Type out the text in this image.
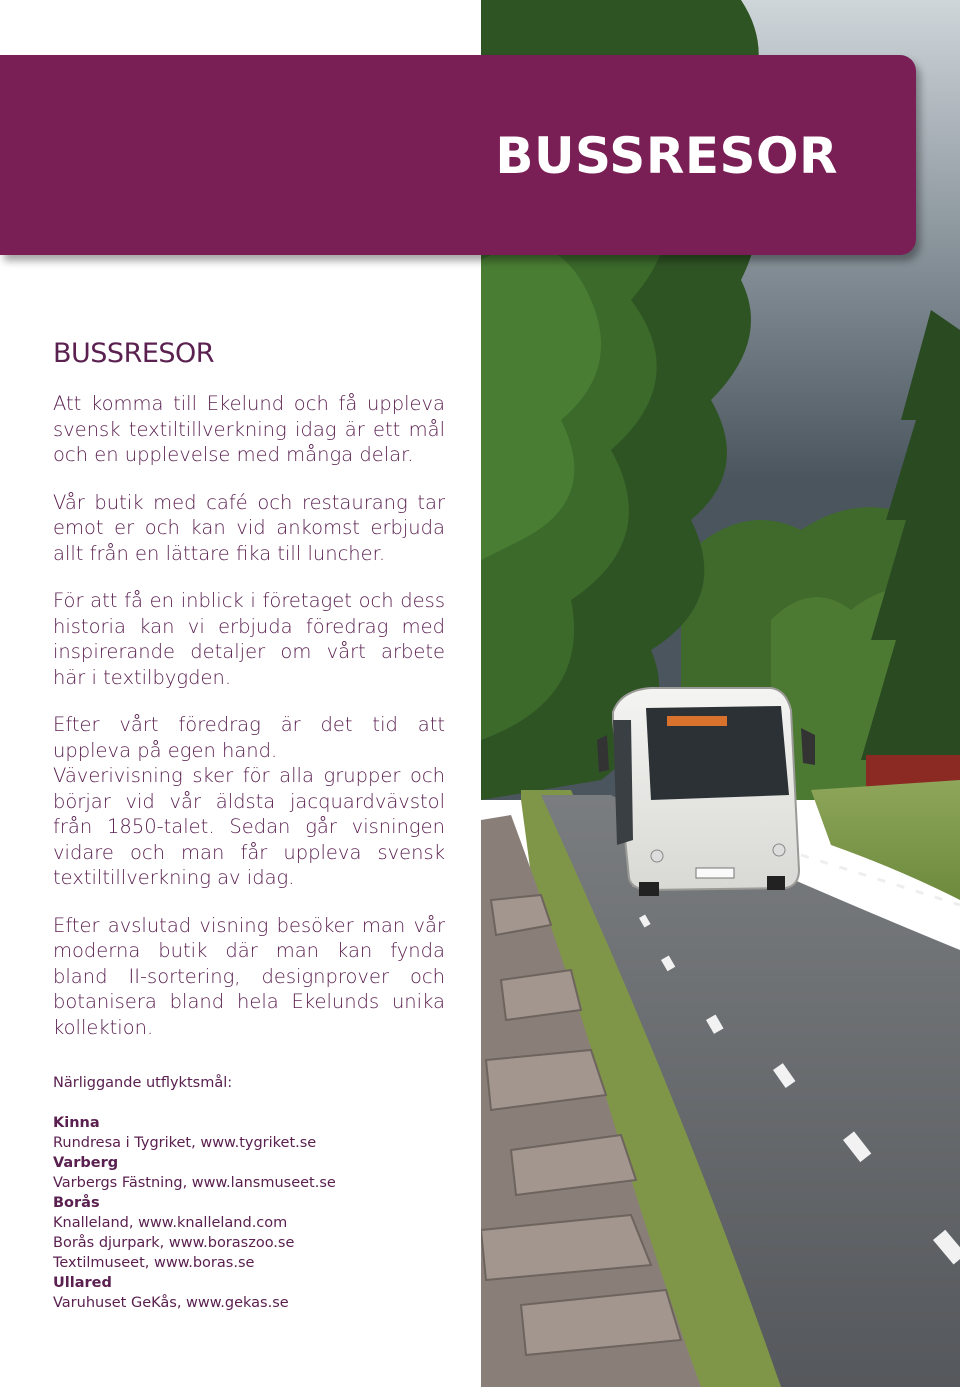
BUSSRESOR
BUSSRESOR

Att komma till Ekelund och få uppleva svensk textiltillverkning idag är ett mål och en upplevelse med många delar.

Vår butik med café och restaurang tar emot er och kan vid ankomst erbjuda allt från en lättare fika till luncher.

För att få en inblick i företaget och dess historia kan vi erbjuda föredrag med inspirerande detaljer om vårt arbete här i textilbygden.

Efter vårt föredrag är det tid att uppleva på egen hand.

Väverivisning sker för alla grupper och börjar vid vår äldsta jacquardvävstol från 1850-talet. Sedan går visningen vidare och man får uppleva svensk textiltillverkning av idag.

Efter avslutad visning besöker man vår moderna butik där man kan fynda bland II-sortering, designprover och botanisera bland hela Ekelunds unika kollektion.

Närliggande utflyktsmål:

Kinna
Rundresa i Tygriket, www.tygriket.se
Varberg
Varbergs Fästning, www.lansmuseet.se
Borås
Knalleland, www.knalleland.com
Borås djurpark, www.boraszoo.se
Textilmuseet, www.boras.se
Ullared
Varuhuset GeKås, www.gekas.se
